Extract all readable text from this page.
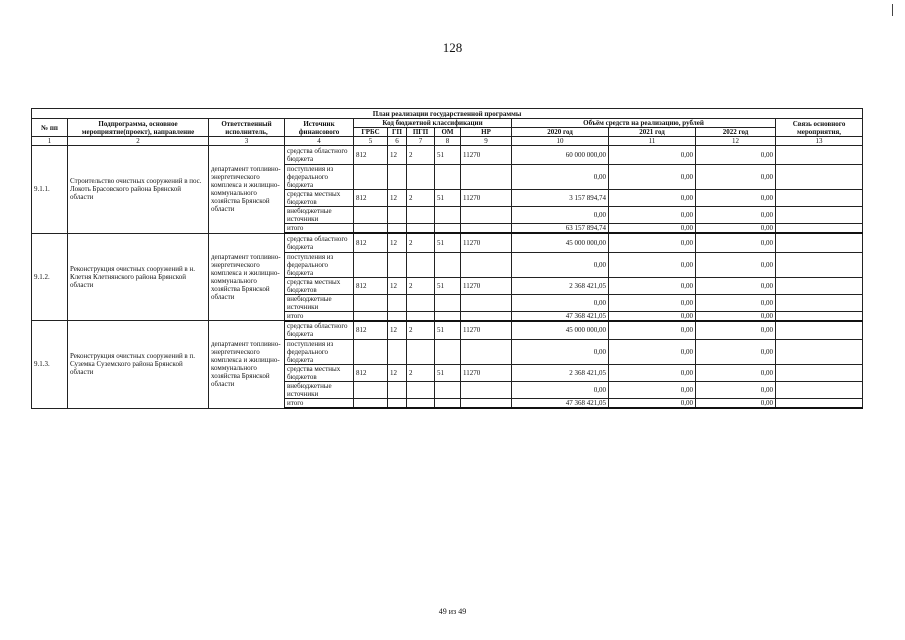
128
План реализации государственной программы												
№ пп	Подпрограмма, основное мероприятие(проект), направление	Ответственный исполнитель,	Источник финансового	Код бюджетной классификации					Объём средств на реализацию, рублей			Связь основного мероприятия,
				ГРБС	ГП	ПГП	ОМ	НР	2020 год	2021 год	2022 год	
1	2	3	4	5	6	7	8	9	10	11	12	13
9.1.1.	Строительство очистных сооружений в пос. Локоть Брасовского района Брянской области	департамент топливно-энергетического комплекса и жилищно-коммунального хозяйства Брянской области	средства областного бюджета	812	12	2	51	11270	60 000 000,00	0,00	0,00	
			поступления из федерального бюджета						0,00	0,00	0,00	
			средства местных бюджетов	812	12	2	51	11270	3 157 894,74	0,00	0,00	
			внебюджетные источники						0,00	0,00	0,00	
			итого						63 157 894,74	0,00	0,00	
9.1.2.	Реконструкция очистных сооружений в н. Клетня Клетнянского района Брянской области	департамент топливно-энергетического комплекса и жилищно-коммунального хозяйства Брянской области	средства областного бюджета	812	12	2	51	11270	45 000 000,00	0,00	0,00	
			поступления из федерального бюджета						0,00	0,00	0,00	
			средства местных бюджетов	812	12	2	51	11270	2 368 421,05	0,00	0,00	
			внебюджетные источники						0,00	0,00	0,00	
			итого						47 368 421,05	0,00	0,00	
9.1.3.	Реконструкция очистных сооружений в п. Суземка Суземского района Брянской области	департамент топливно-энергетического комплекса и жилищно-коммунального хозяйства Брянской области	средства областного бюджета	812	12	2	51	11270	45 000 000,00	0,00	0,00	
			поступления из федерального бюджета						0,00	0,00	0,00	
			средства местных бюджетов	812	12	2	51	11270	2 368 421,05	0,00	0,00	
			внебюджетные источники						0,00	0,00	0,00	
			итого						47 368 421,05	0,00	0,00	
49 из 49
